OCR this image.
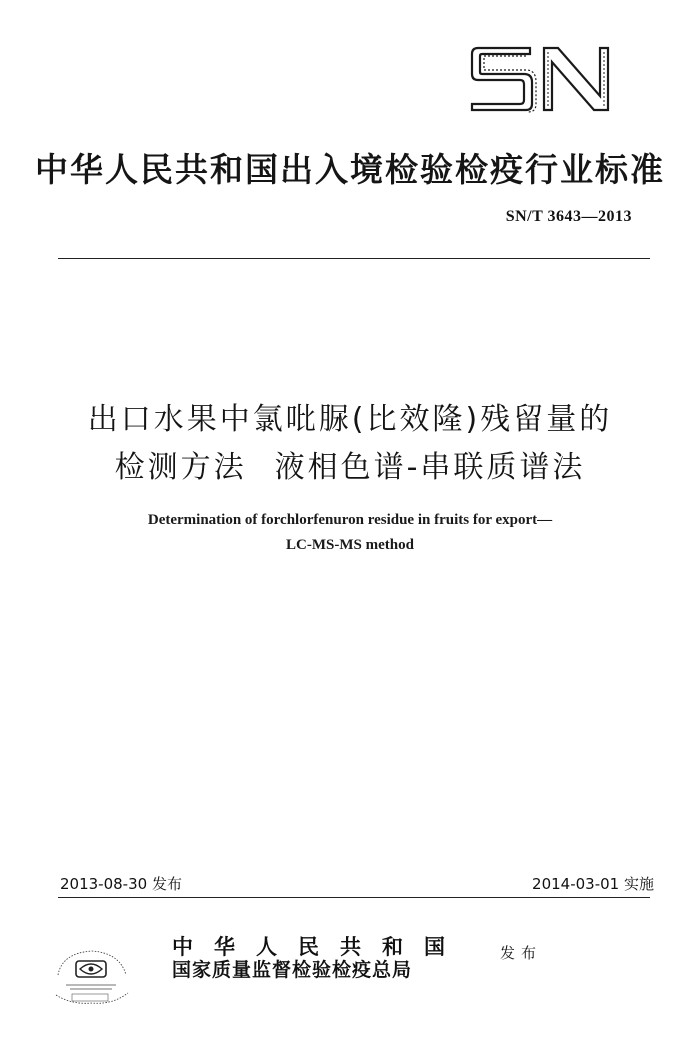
中华人民共和国出入境检验检疫行业标准
SN/T 3643—2013
出口水果中氯吡脲(比效隆)残留量的
检测方法 液相色谱-串联质谱法
Determination of forchlorfenuron residue in fruits for export—
LC-MS-MS method
2013-08-30 发布	2014-03-01 实施
中华人民共和国
国家质量监督检验检疫总局
发布
